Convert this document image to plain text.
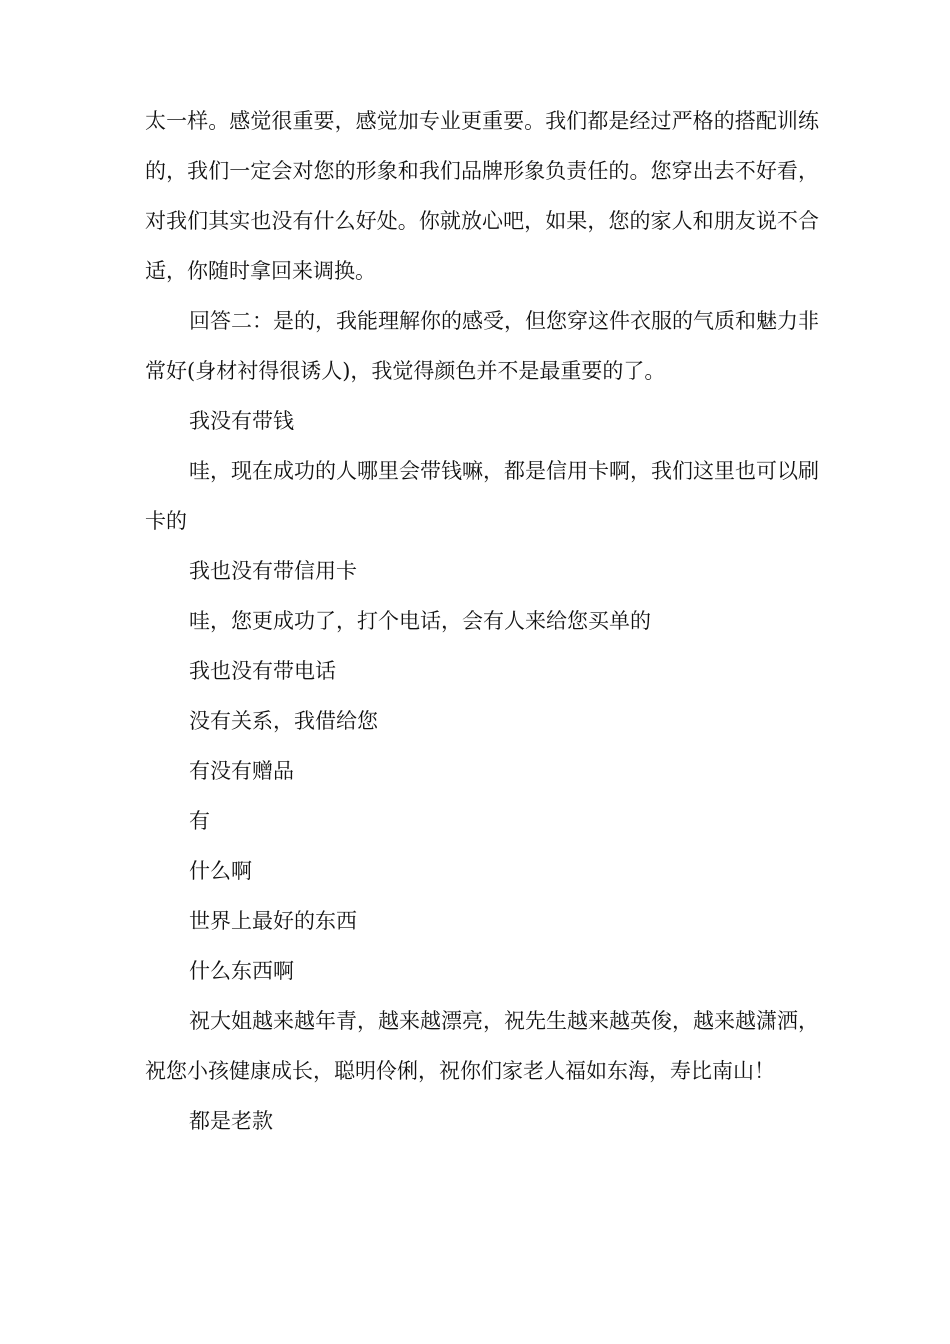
太一样。感觉很重要，感觉加专业更重要。我们都是经过严格的搭配训练的，我们一定会对您的形象和我们品牌形象负责任的。您穿出去不好看，对我们其实也没有什么好处。你就放心吧，如果，您的家人和朋友说不合适，你随时拿回来调换。

回答二：是的，我能理解你的感受，但您穿这件衣服的气质和魅力非常好(身材衬得很诱人)，我觉得颜色并不是最重要的了。

我没有带钱

哇，现在成功的人哪里会带钱嘛，都是信用卡啊，我们这里也可以刷卡的

我也没有带信用卡

哇，您更成功了，打个电话，会有人来给您买单的

我也没有带电话

没有关系，我借给您

有没有赠品

有

什么啊

世界上最好的东西

什么东西啊

祝大姐越来越年青，越来越漂亮，祝先生越来越英俊，越来越潇洒，祝您小孩健康成长，聪明伶俐，祝你们家老人福如东海，寿比南山！

都是老款
